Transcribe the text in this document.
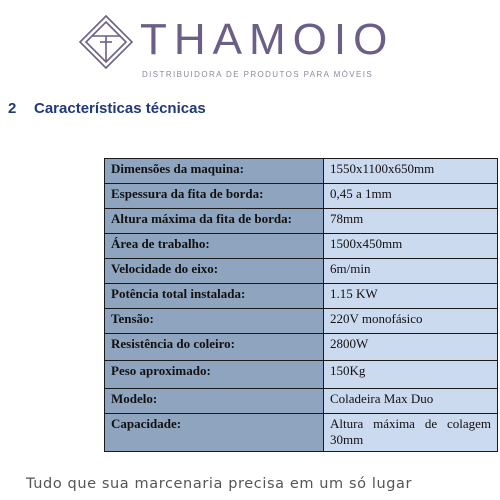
THAMOIO
DISTRIBUIDORA DE PRODUTOS PARA MÓVEIS
2 Características técnicas
Dimensões da maquina:	1550x1100x650mm
Espessura da fita de borda:	0,45 a 1mm
Altura máxima da fita de borda:	78mm
Área de trabalho:	1500x450mm
Velocidade do eixo:	6m/min
Potência total instalada:	1.15 KW
Tensão:	220V monofásico
Resistência do coleiro:	2800W
Peso aproximado:	150Kg
Modelo:	Coladeira Max Duo
Capacidade:	Altura máxima de colagem 30mm
Tudo que sua marcenaria precisa em um só lugar
